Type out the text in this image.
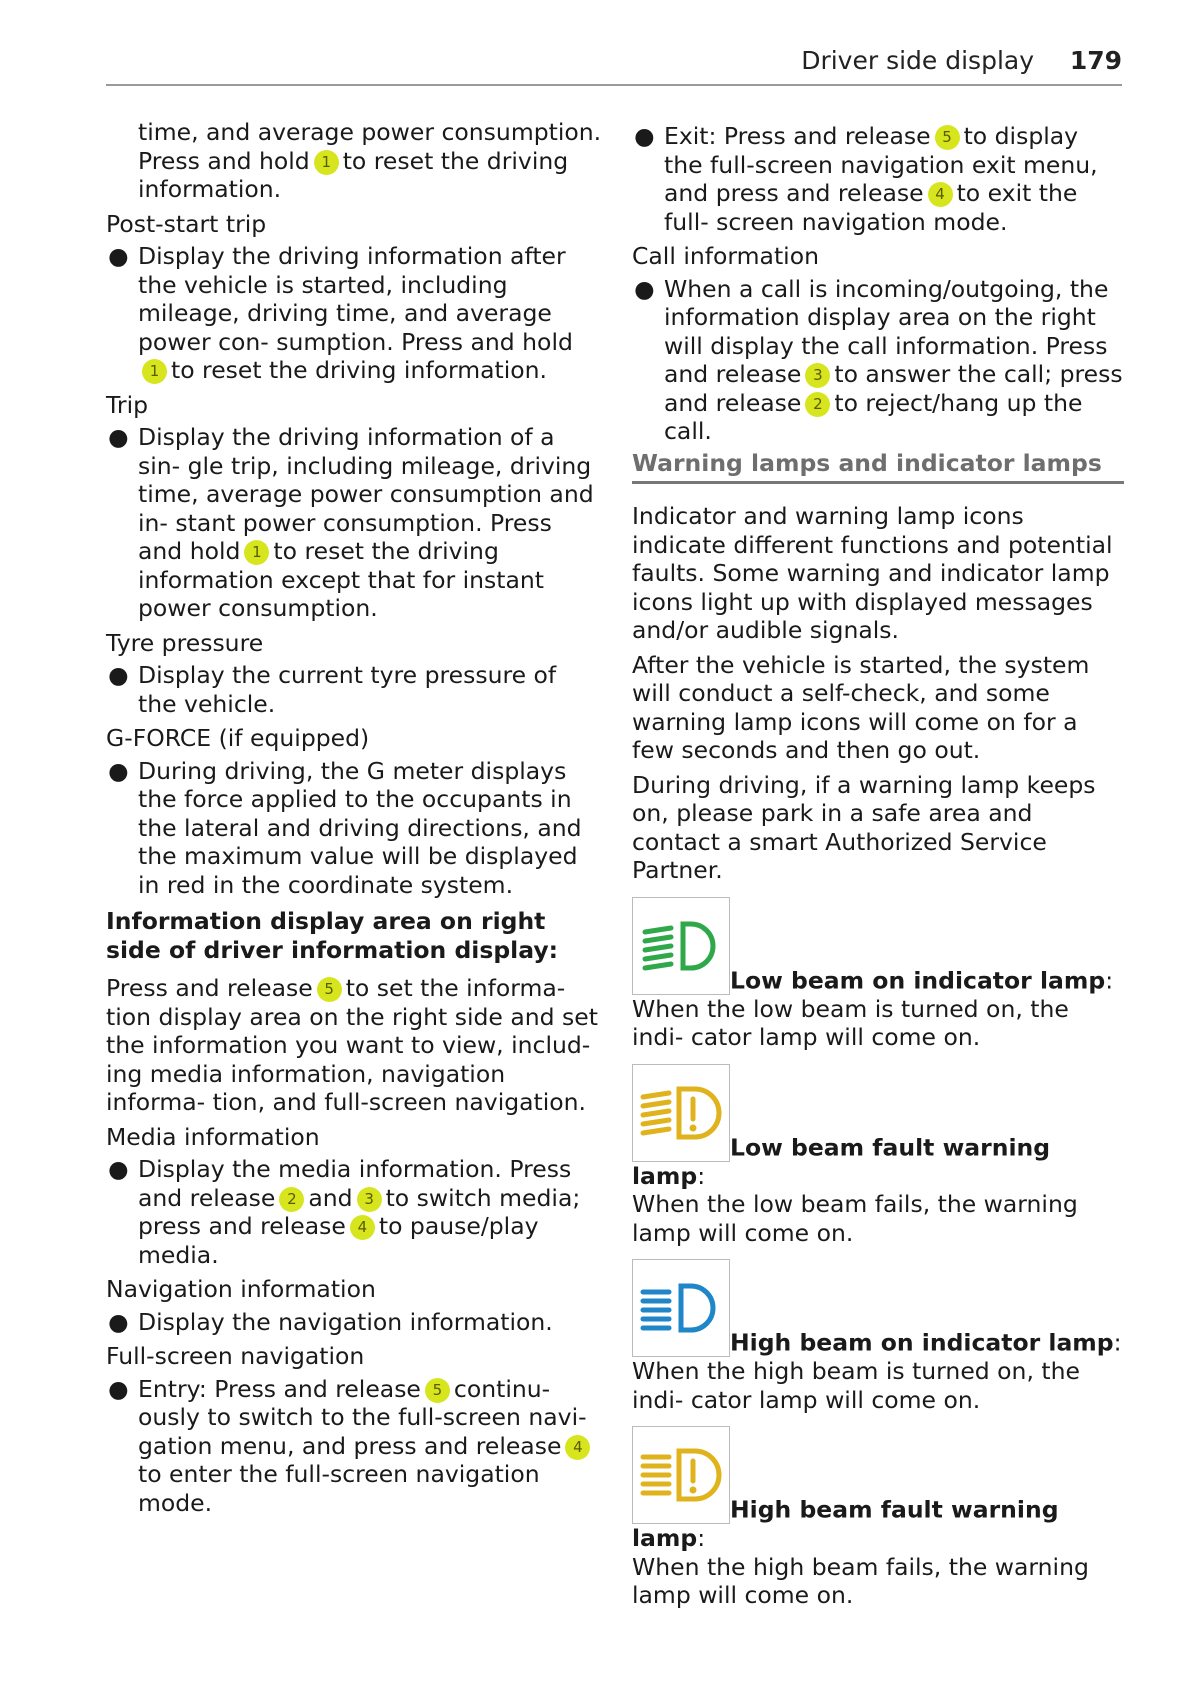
Driver side display 179
time, and average power consumption.
Press and hold 1 to reset the driving
information.
Post-start trip
● Display the driving information after the vehicle is started, including mileage, driving time, and average power con- sumption. Press and hold1 to reset the driving information.
Trip
● Display the driving information of a sin- gle trip, including mileage, driving time, average power consumption and in- stant power consumption. Press and hold 1 to reset the driving information except that for instant power consumption.
Tyre pressure
● Display the current tyre pressure of the vehicle.
G-FORCE (if equipped)
● During driving, the G meter displays the force applied to the occupants in the lateral and driving directions, and the maximum value will be displayed in red in the coordinate system.
Information display area on right side of driver information display:

Press and release 5 to set the informa- tion display area on the right side and set the information you want to view, includ- ing media information, navigation informa- tion, and full-screen navigation.

Media information
● Display the media information. Press and release 2 and 3 to switch media; press and release 4 to pause/play media.
Navigation information
● Display the navigation information.
Full-screen navigation
● Entry: Press and release 5 continu- ously to switch to the full-screen navi- gation menu, and press and release 4to enter the full-screen navigation mode.
● Exit: Press and release 5 to display the full-screen navigation exit menu, and press and release 4 to exit the full- screen navigation mode.
Call information
● When a call is incoming/outgoing, the information display area on the right will display the call information. Press and release 3 to answer the call; press and release 2 to reject/hang up the call.
Warning lamps and indicator lamps

Indicator and warning lamp icons indicate different functions and potential faults. Some warning and indicator lamp icons light up with displayed messages and/or audible signals.

After the vehicle is started, the system will conduct a self-check, and some warning lamp icons will come on for a few seconds and then go out.

During driving, if a warning lamp keeps on, please park in a safe area and contact a smart Authorized Service Partner.

Low beam on indicator lamp:
When the low beam is turned on, the indi- cator lamp will come on.
Low beam fault warning lamp:
When the low beam fails, the warning lamp will come on.
High beam on indicator lamp:
When the high beam is turned on, the indi- cator lamp will come on.
High beam fault warning lamp:
When the high beam fails, the warning lamp will come on.
